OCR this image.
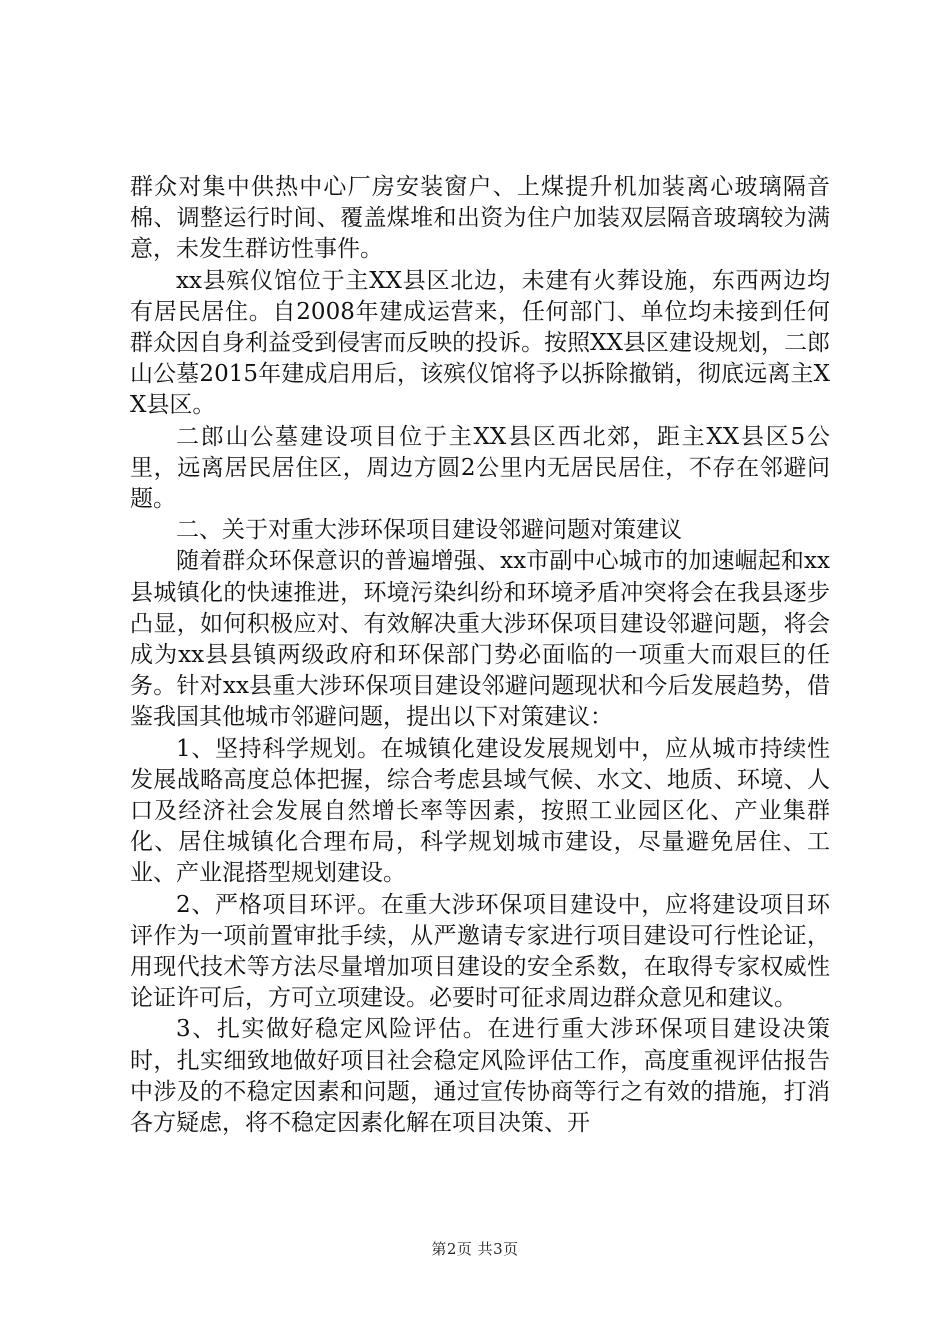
群众对集中供热中心厂房安装窗户、上煤提升机加装离心玻璃隔音棉、调整运行时间、覆盖煤堆和出资为住户加装双层隔音玻璃较为满意，未发生群访性事件。

xx县殡仪馆位于主XX县区北边，未建有火葬设施，东西两边均有居民居住。自2008年建成运营来，任何部门、单位均未接到任何群众因自身利益受到侵害而反映的投诉。按照XX县区建设规划，二郎山公墓2015年建成启用后，该殡仪馆将予以拆除撤销，彻底远离主XX县区。

二郎山公墓建设项目位于主XX县区西北郊，距主XX县区5公里，远离居民居住区，周边方圆2公里内无居民居住，不存在邻避问题。

二、关于对重大涉环保项目建设邻避问题对策建议

随着群众环保意识的普遍增强、xx市副中心城市的加速崛起和xx县城镇化的快速推进，环境污染纠纷和环境矛盾冲突将会在我县逐步凸显，如何积极应对、有效解决重大涉环保项目建设邻避问题，将会成为xx县县镇两级政府和环保部门势必面临的一项重大而艰巨的任务。针对xx县重大涉环保项目建设邻避问题现状和今后发展趋势，借鉴我国其他城市邻避问题，提出以下对策建议：

1、坚持科学规划。在城镇化建设发展规划中，应从城市持续性发展战略高度总体把握，综合考虑县域气候、水文、地质、环境、人口及经济社会发展自然增长率等因素，按照工业园区化、产业集群化、居住城镇化合理布局，科学规划城市建设，尽量避免居住、工业、产业混搭型规划建设。

2、严格项目环评。在重大涉环保项目建设中，应将建设项目环评作为一项前置审批手续，从严邀请专家进行项目建设可行性论证，用现代技术等方法尽量增加项目建设的安全系数，在取得专家权威性论证许可后，方可立项建设。必要时可征求周边群众意见和建议。

3、扎实做好稳定风险评估。在进行重大涉环保项目建设决策时，扎实细致地做好项目社会稳定风险评估工作，高度重视评估报告中涉及的不稳定因素和问题，通过宣传协商等行之有效的措施，打消各方疑虑，将不稳定因素化解在项目决策、开

第2页 共3页
